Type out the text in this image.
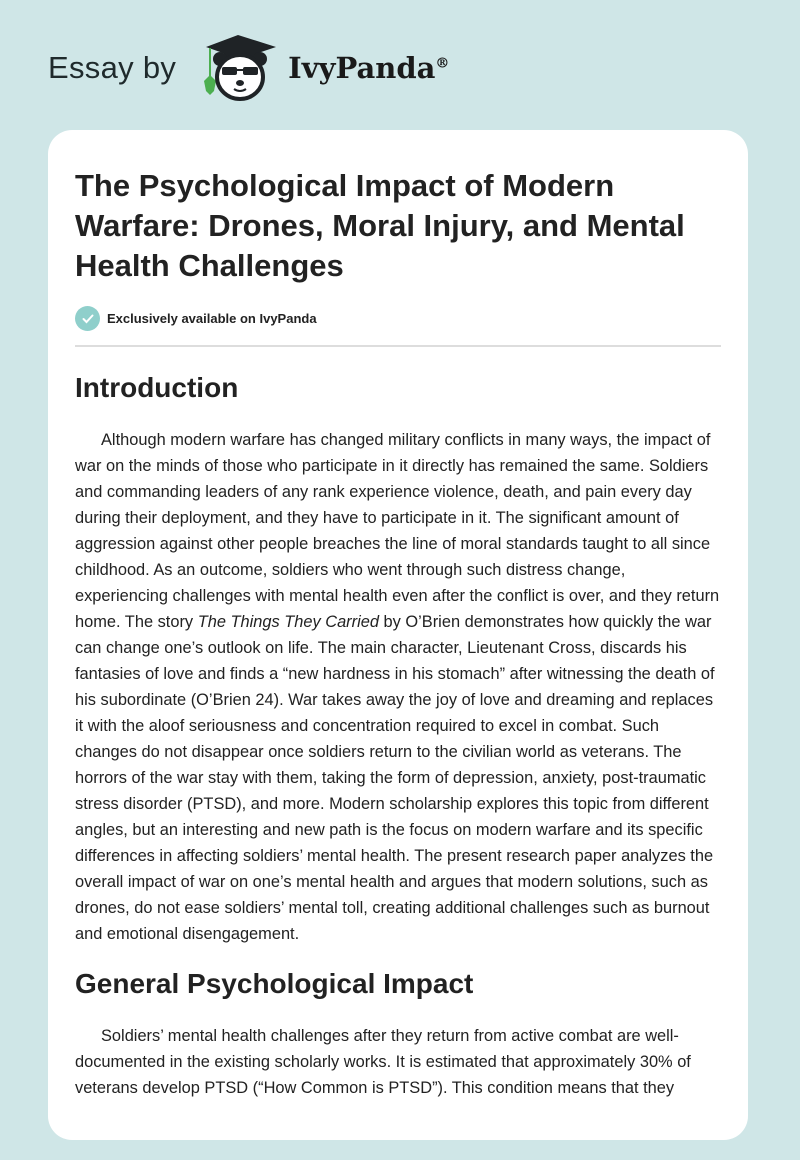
Essay by	IvyPanda®
The Psychological Impact of Modern Warfare: Drones, Moral Injury, and Mental Health Challenges
Exclusively available on IvyPanda
Introduction

Although modern warfare has changed military conflicts in many ways, the impact of war on the minds of those who participate in it directly has remained the same. Soldiers and commanding leaders of any rank experience violence, death, and pain every day during their deployment, and they have to participate in it. The significant amount of aggression against other people breaches the line of moral standards taught to all since childhood. As an outcome, soldiers who went through such distress change, experiencing challenges with mental health even after the conflict is over, and they return home. The story The Things They Carried by O’Brien demonstrates how quickly the war can change one’s outlook on life. The main character, Lieutenant Cross, discards his fantasies of love and finds a “new hardness in his stomach” after witnessing the death of his subordinate (O’Brien 24). War takes away the joy of love and dreaming and replaces it with the aloof seriousness and concentration required to excel in combat. Such changes do not disappear once soldiers return to the civilian world as veterans. The horrors of the war stay with them, taking the form of depression, anxiety, post-traumatic stress disorder (PTSD), and more. Modern scholarship explores this topic from different angles, but an interesting and new path is the focus on modern warfare and its specific differences in affecting soldiers’ mental health. The present research paper analyzes the overall impact of war on one’s mental health and argues that modern solutions, such as drones, do not ease soldiers’ mental toll, creating additional challenges such as burnout and emotional disengagement.

General Psychological Impact

Soldiers’ mental health challenges after they return from active combat are well-documented in the existing scholarly works. It is estimated that approximately 30% of veterans develop PTSD (“How Common is PTSD”). This condition means that they
